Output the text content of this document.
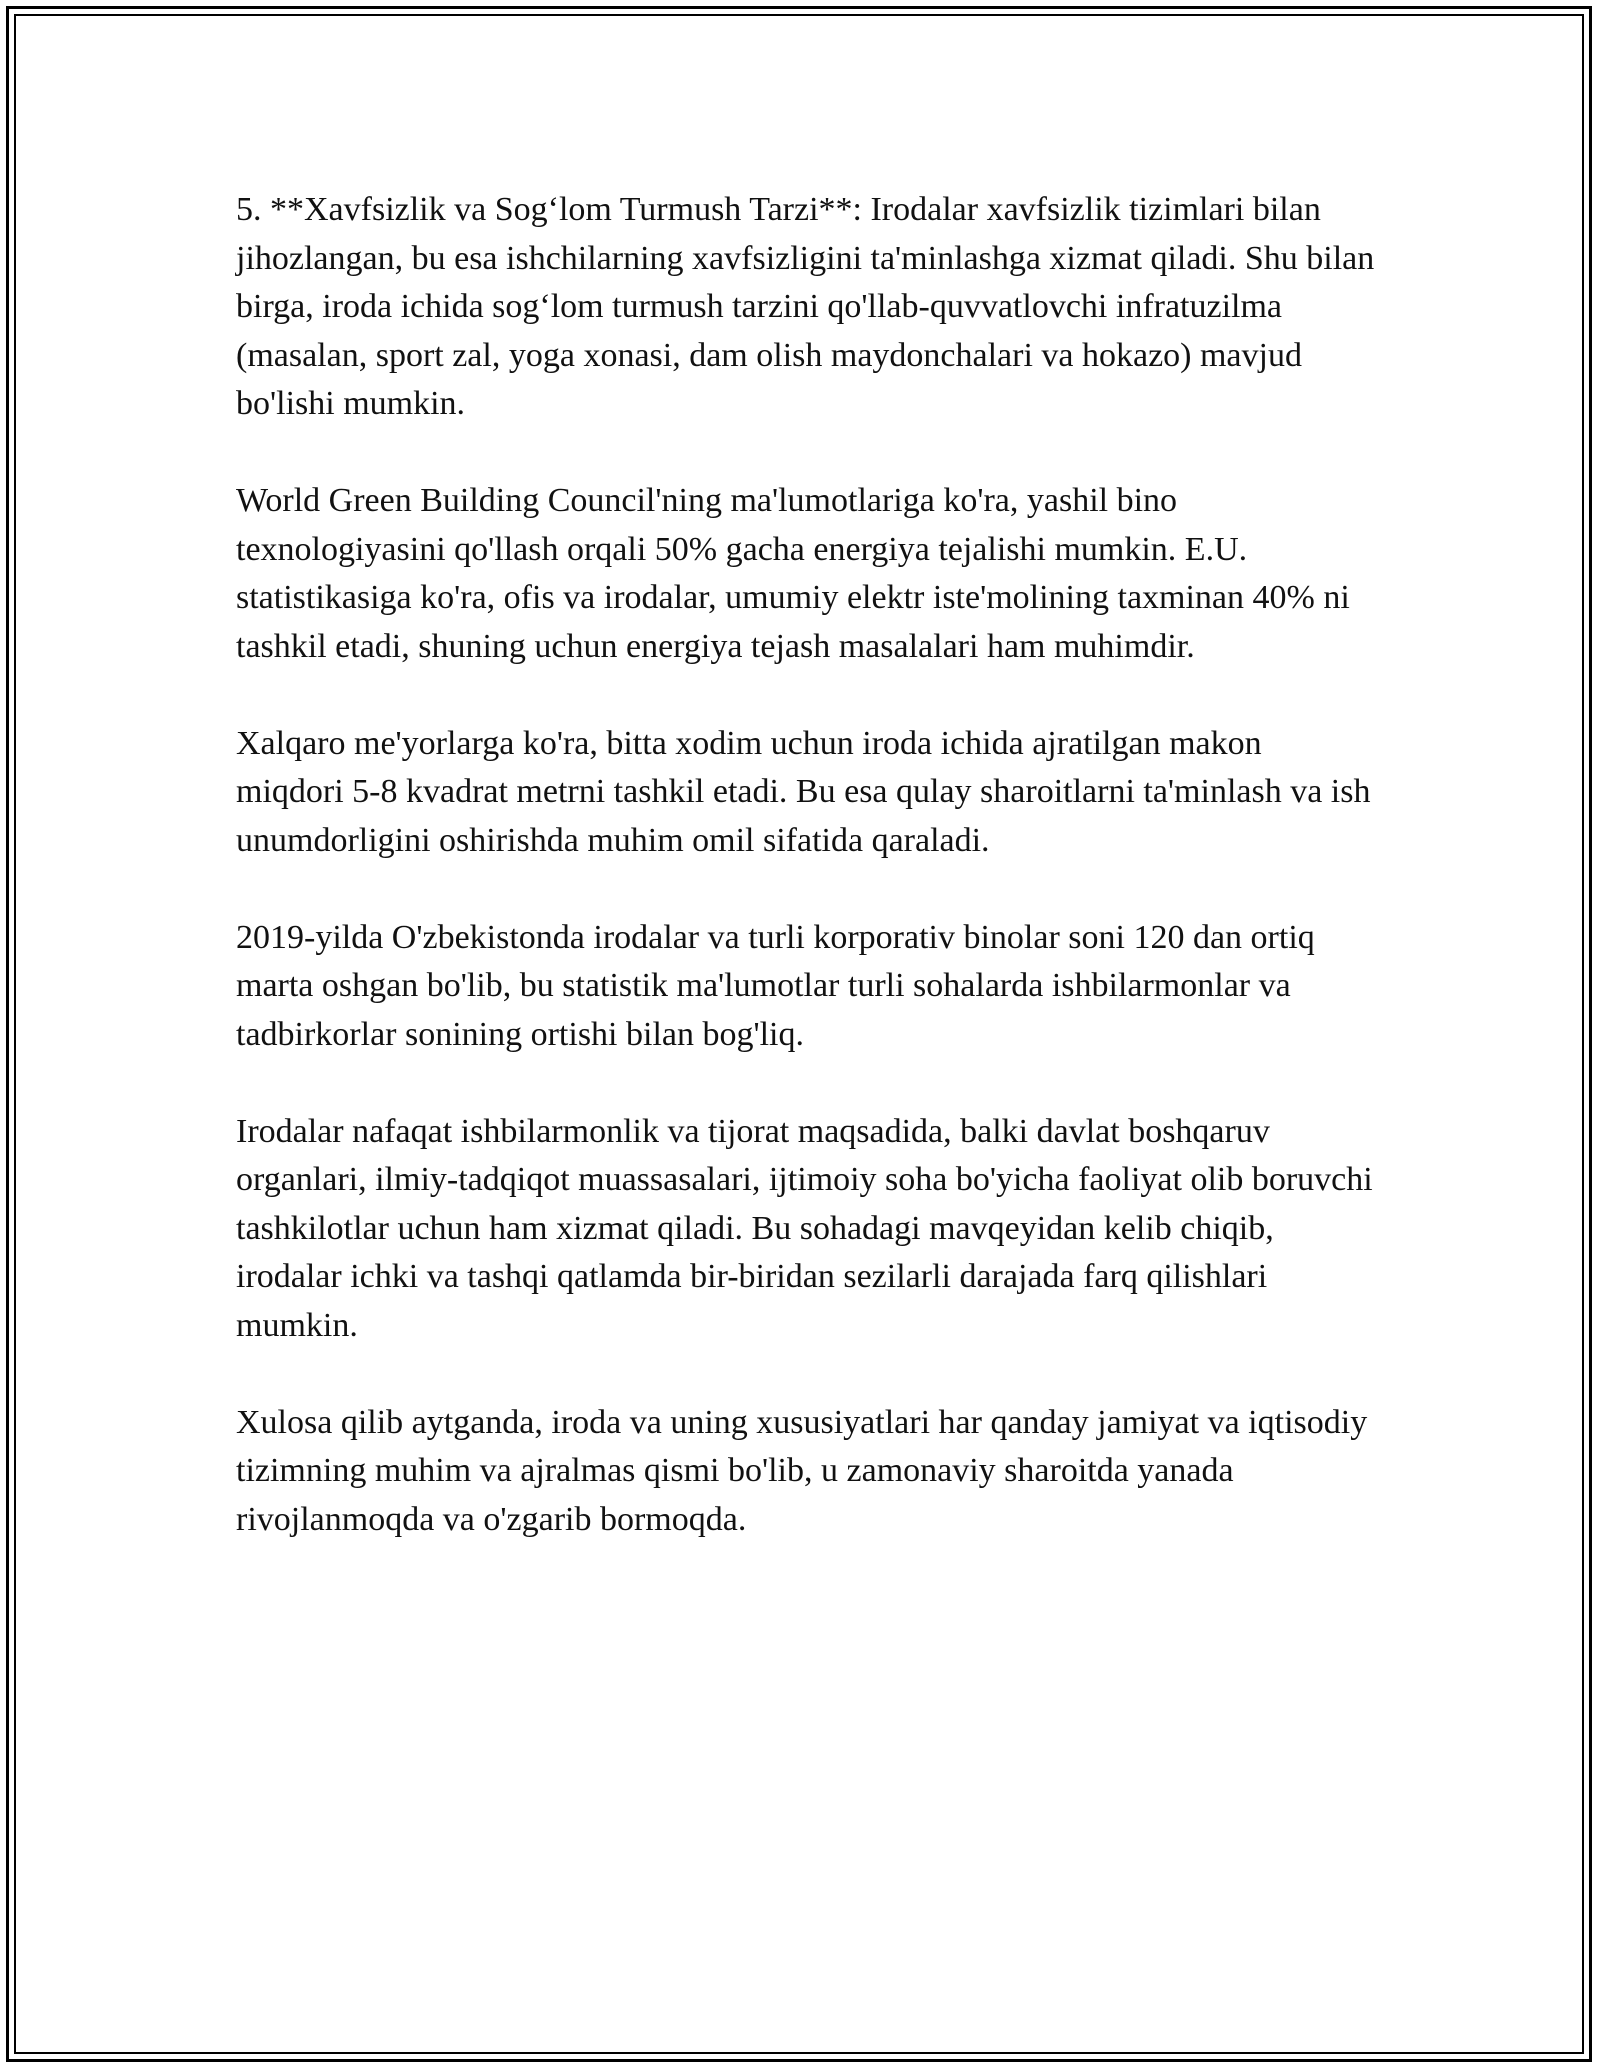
5. **Xavfsizlik va Sog‘lom Turmush Tarzi**: Irodalar xavfsizlik tizimlari bilan jihozlangan, bu esa ishchilarning xavfsizligini ta'minlashga xizmat qiladi. Shu bilan birga, iroda ichida sog‘lom turmush tarzini qo'llab-quvvatlovchi infratuzilma (masalan, sport zal, yoga xonasi, dam olish maydonchalari va hokazo) mavjud bo'lishi mumkin.

World Green Building Council'ning ma'lumotlariga ko'ra, yashil bino texnologiyasini qo'llash orqali 50% gacha energiya tejalishi mumkin. E.U. statistikasiga ko'ra, ofis va irodalar, umumiy elektr iste'molining taxminan 40% ni tashkil etadi, shuning uchun energiya tejash masalalari ham muhimdir.

Xalqaro me'yorlarga ko'ra, bitta xodim uchun iroda ichida ajratilgan makon miqdori 5-8 kvadrat metrni tashkil etadi. Bu esa qulay sharoitlarni ta'minlash va ish unumdorligini oshirishda muhim omil sifatida qaraladi.

2019-yilda O'zbekistonda irodalar va turli korporativ binolar soni 120 dan ortiq marta oshgan bo'lib, bu statistik ma'lumotlar turli sohalarda ishbilarmonlar va tadbirkorlar sonining ortishi bilan bog'liq.

Irodalar nafaqat ishbilarmonlik va tijorat maqsadida, balki davlat boshqaruv organlari, ilmiy-tadqiqot muassasalari, ijtimoiy soha bo'yicha faoliyat olib boruvchi tashkilotlar uchun ham xizmat qiladi. Bu sohadagi mavqeyidan kelib chiqib, irodalar ichki va tashqi qatlamda bir-biridan sezilarli darajada farq qilishlari mumkin.

Xulosa qilib aytganda, iroda va uning xususiyatlari har qanday jamiyat va iqtisodiy tizimning muhim va ajralmas qismi bo'lib, u zamonaviy sharoitda yanada rivojlanmoqda va o'zgarib bormoqda.
